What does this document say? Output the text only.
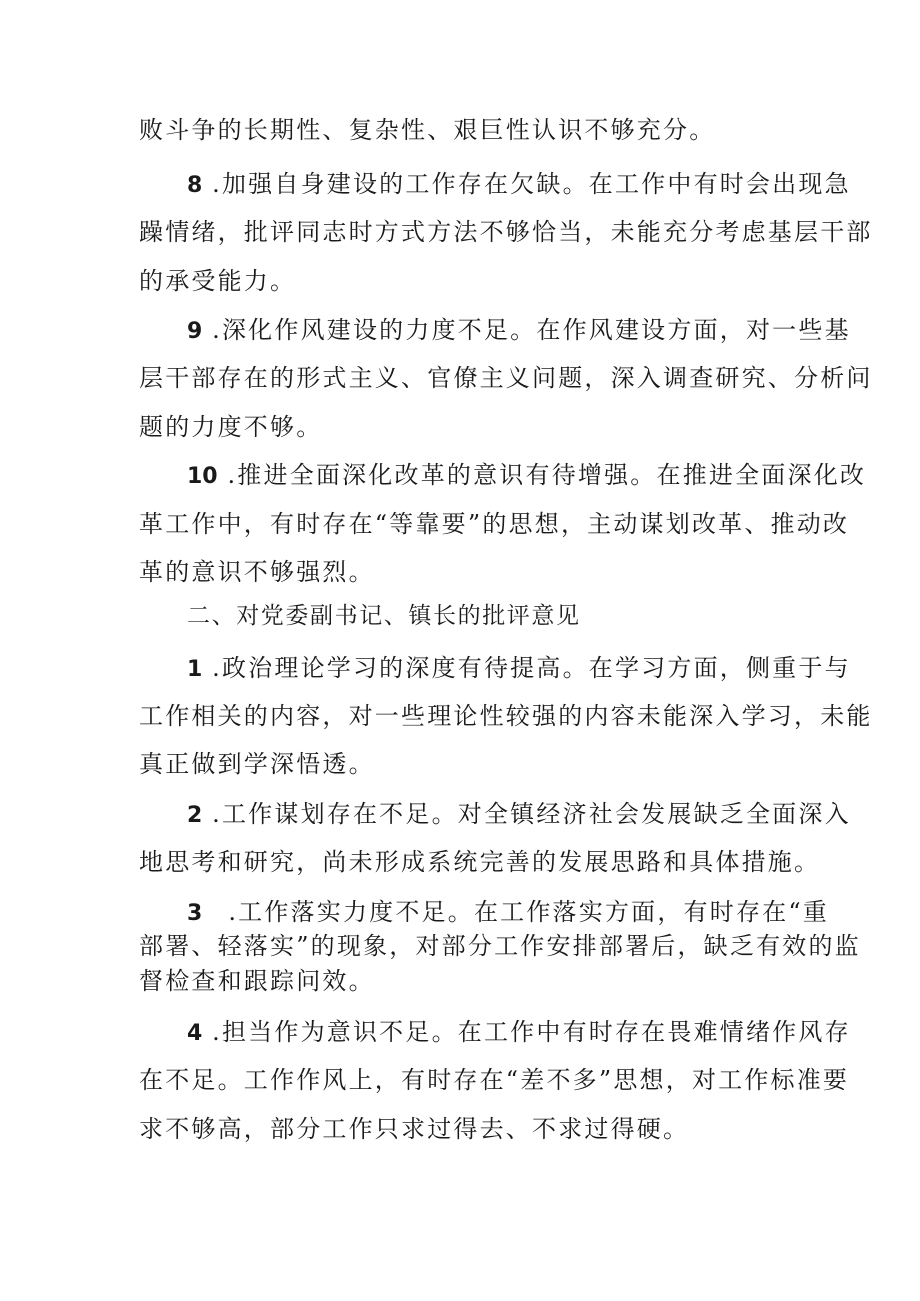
败斗争的长期性、复杂性、艰巨性认识不够充分。
8 .加强自身建设的工作存在欠缺。在工作中有时会出现急
躁情绪，批评同志时方式方法不够恰当，未能充分考虑基层干部
的承受能力。
9 .深化作风建设的力度不足。在作风建设方面，对一些基
层干部存在的形式主义、官僚主义问题，深入调查研究、分析问
题的力度不够。
10 .推进全面深化改革的意识有待增强。在推进全面深化改
革工作中，有时存在“等靠要”的思想，主动谋划改革、推动改
革的意识不够强烈。
二、对党委副书记、镇长的批评意见
1 .政治理论学习的深度有待提高。在学习方面，侧重于与
工作相关的内容，对一些理论性较强的内容未能深入学习，未能
真正做到学深悟透。
2 .工作谋划存在不足。对全镇经济社会发展缺乏全面深入
地思考和研究，尚未形成系统完善的发展思路和具体措施。
3 .工作落实力度不足。在工作落实方面，有时存在“重
部署、轻落实”的现象，对部分工作安排部署后，缺乏有效的监
督检查和跟踪问效。
4 .担当作为意识不足。在工作中有时存在畏难情绪作风存
在不足。工作作风上，有时存在“差不多”思想，对工作标准要
求不够高，部分工作只求过得去、不求过得硬。
